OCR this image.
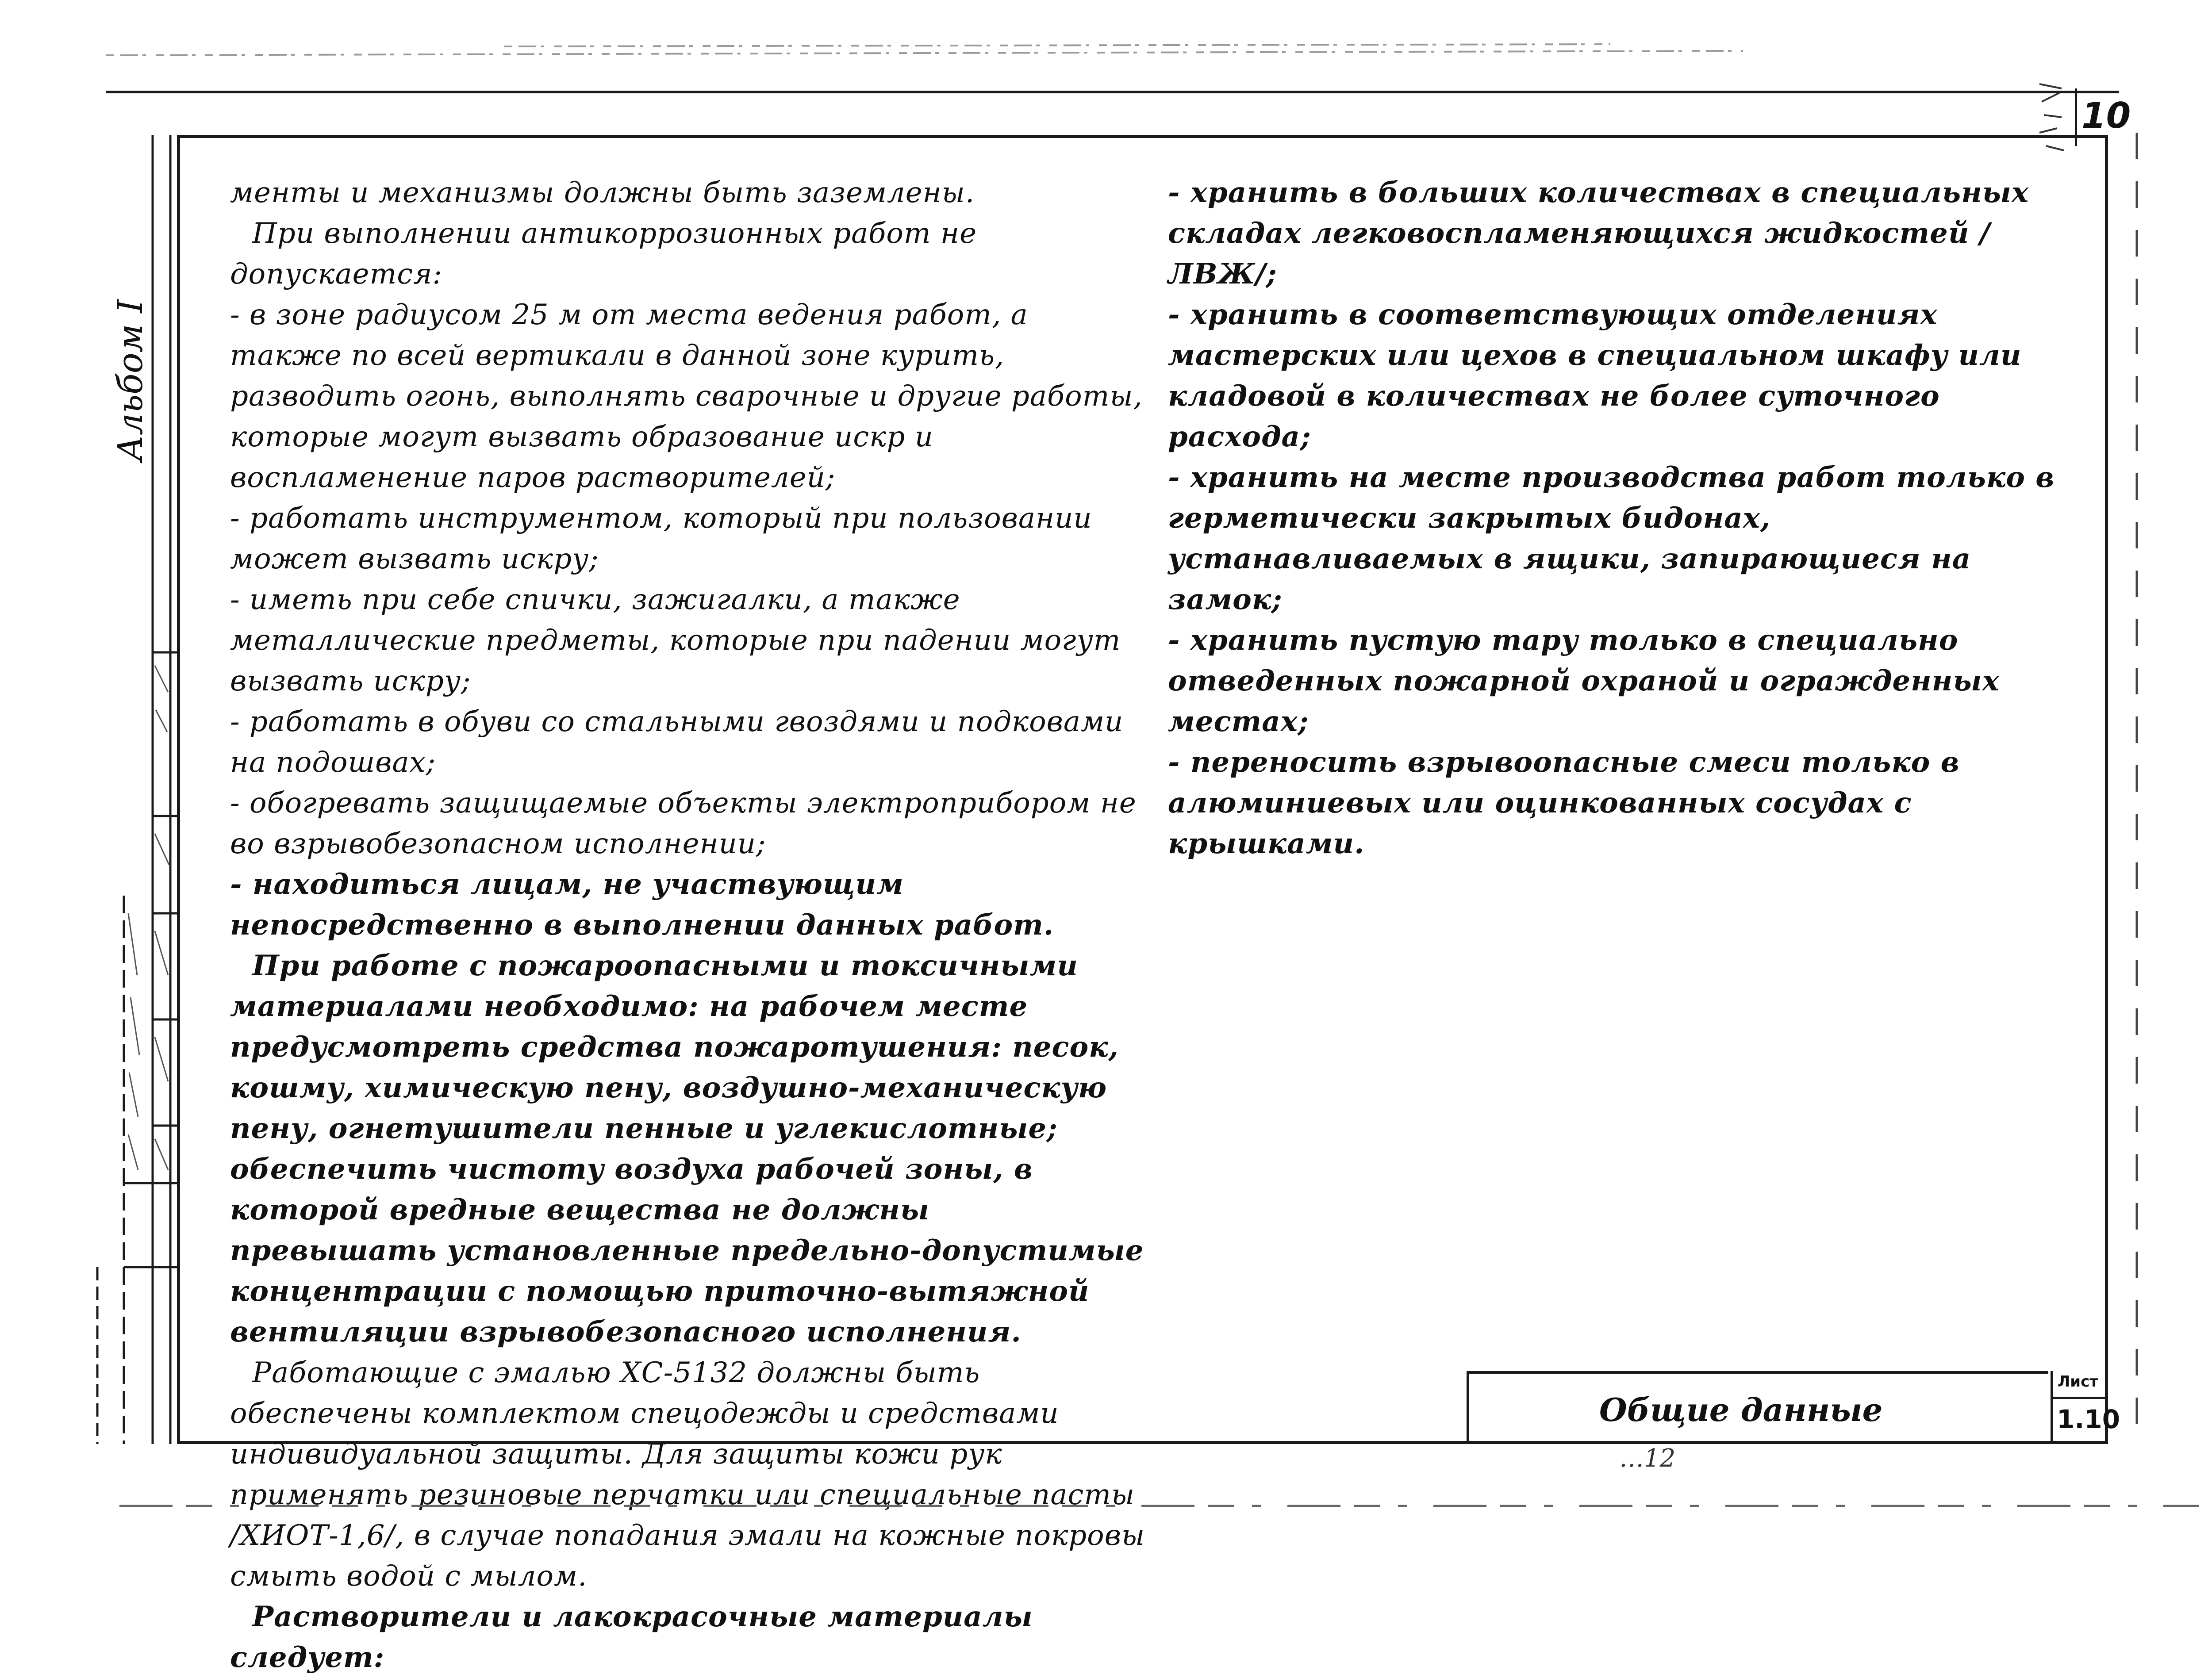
10
Альбом I

менты и механизмы должны быть заземлены.

При выполнении антикоррозионных работ не допускается:

- в зоне радиусом 25 м от места ведения работ, а также по всей вертикали в данной зоне курить, разводить огонь, выполнять сварочные и другие работы, которые могут вызвать образование искр и воспламенение паров растворителей;

- работать инструментом, который при пользовании может вызвать искру;

- иметь при себе спички, зажигалки, а также металлические предметы, которые при падении могут вызвать искру;

- работать в обуви со стальными гвоздями и подковами на подошвах;

- обогревать защищаемые объекты электроприбором не во взрывобезопасном исполнении;

- находиться лицам, не участвующим непосредственно в выполнении данных работ.

При работе с пожароопасными и токсичными материалами необходимо: на рабочем месте предусмотреть средства пожаротушения: песок, кошму, химическую пену, воздушно-механическую пену, огнетушители пенные и углекислотные; обеспечить чистоту воздуха рабочей зоны, в которой вредные вещества не должны превышать установленные предельно-допустимые концентрации с помощью приточно-вытяжной вентиляции взрывобезопасного исполнения.

Работающие с эмалью ХС-5132 должны быть обеспечены комплектом спецодежды и средствами индивидуальной защиты. Для защиты кожи рук применять резиновые перчатки или специальные пасты /ХИОТ-1,6/, в случае попадания эмали на кожные покровы смыть водой с мылом.

Растворители и лакокрасочные материалы следует:

- хранить в больших количествах в специальных складах легковоспламеняющихся жидкостей /ЛВЖ/;

- хранить в соответствующих отделениях мастерских или цехов в специальном шкафу или кладовой в количествах не более суточного расхода;

- хранить на месте производства работ только в герметически закрытых бидонах, устанавливаемых в ящики, запирающиеся на замок;

- хранить пустую тару только в специально отведенных пожарной охраной и огражденных местах;

- переносить взрывоопасные смеси только в алюминиевых или оцинкованных сосудах с крышками.

Общие данные
Лист
1.10
…12
